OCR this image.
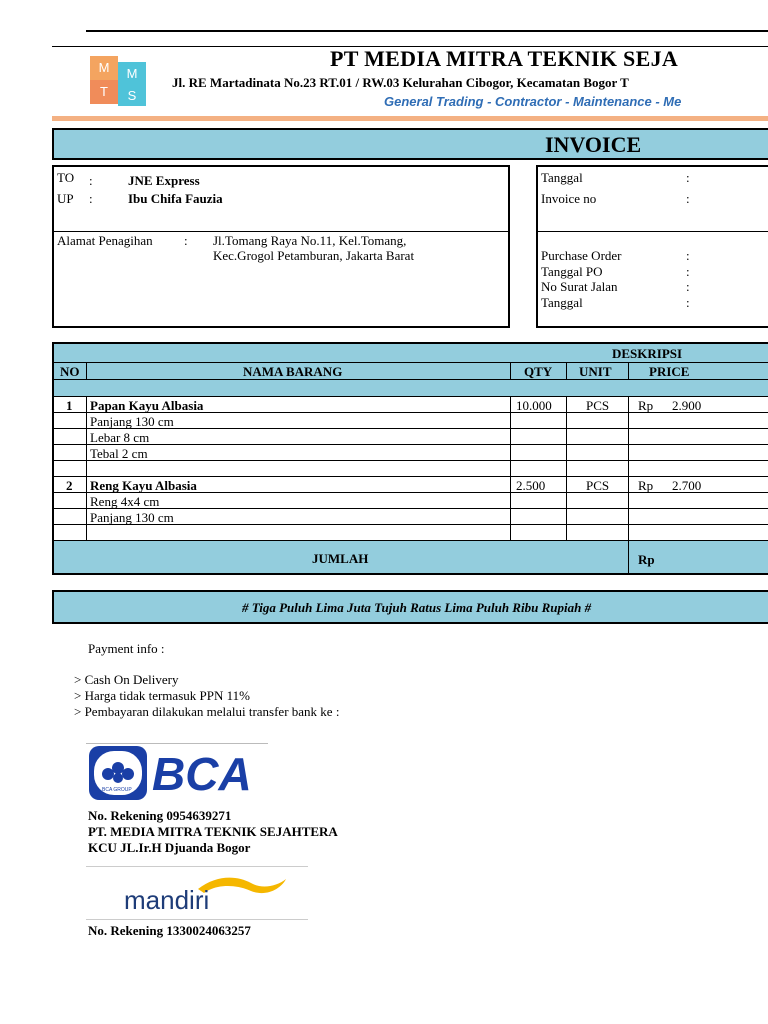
M	M
T	S
PT MEDIA MITRA TEKNIK SEJA
Jl. RE Martadinata No.23 RT.01 / RW.03 Kelurahan Cibogor, Kecamatan Bogor T
General Trading - Contractor - Maintenance - Me
INVOICE
TO :	JNE Express
UP :	Ibu Chifa Fauzia
Alamat Penagihan : Jl.Tomang Raya No.11, Kel.Tomang,
Kec.Grogol Petamburan, Jakarta Barat
Tanggal	:
Invoice no	:
Purchase Order	:
Tanggal PO	:
No Surat Jalan	:
Tanggal	:
DESKRIPSI
NO	NAMA BARANG	QTY UNIT	PRICE
1 Papan Kayu Albasia	10.000	PCS Rp 2.900
Panjang 130 cm
Lebar 8 cm
Tebal 2 cm
2 Reng Kayu Albasia	2.500	PCS Rp 2.700
Reng 4x4 cm
Panjang 130 cm
JUMLAH	Rp
# Tiga Puluh Lima Juta Tujuh Ratus Lima Puluh Ribu Rupiah #
Payment info :
> Cash On Delivery
> Harga tidak termasuk PPN 11%
> Pembayaran dilakukan melalui transfer bank ke :
BCA GROUP BCA
No. Rekening 0954639271
PT. MEDIA MITRA TEKNIK SEJAHTERA
KCU JL.Ir.H Djuanda Bogor
mandiri
No. Rekening 1330024063257
